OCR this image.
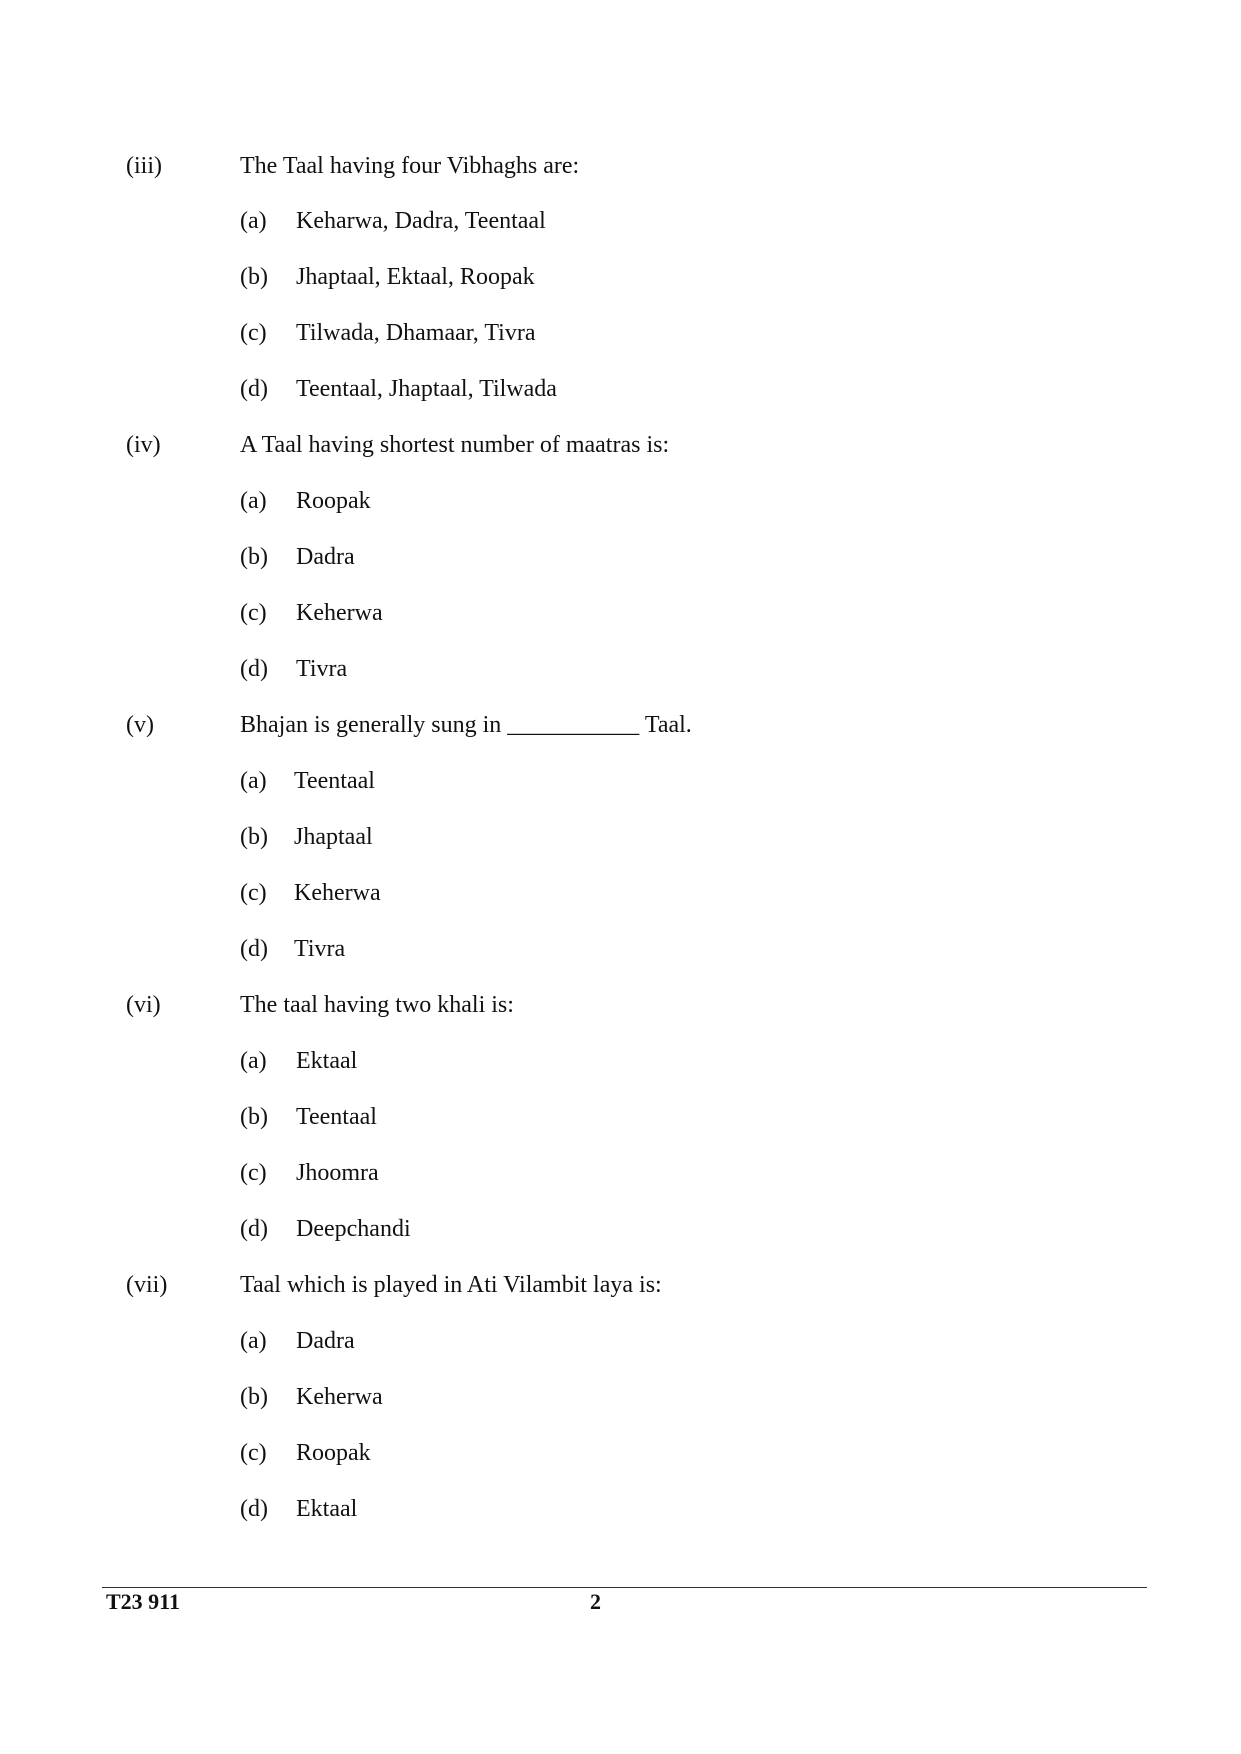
(iii)	The Taal having four Vibhaghs are:
(a) Keharwa, Dadra, Teentaal
(b) Jhaptaal, Ektaal, Roopak
(c) Tilwada, Dhamaar, Tivra
(d) Teentaal, Jhaptaal, Tilwada
(iv)	A Taal having shortest number of maatras is:
(a) Roopak
(b) Dadra
(c) Keherwa
(d) Tivra
(v)	Bhajan is generally sung in ___________ Taal.
(a) Teentaal
(b) Jhaptaal
(c) Keherwa
(d) Tivra
(vi)	The taal having two khali is:
(a) Ektaal
(b) Teentaal
(c) Jhoomra
(d) Deepchandi
(vii)	Taal which is played in Ati Vilambit laya is:
(a) Dadra
(b) Keherwa
(c) Roopak
(d) Ektaal
T23 911	2
